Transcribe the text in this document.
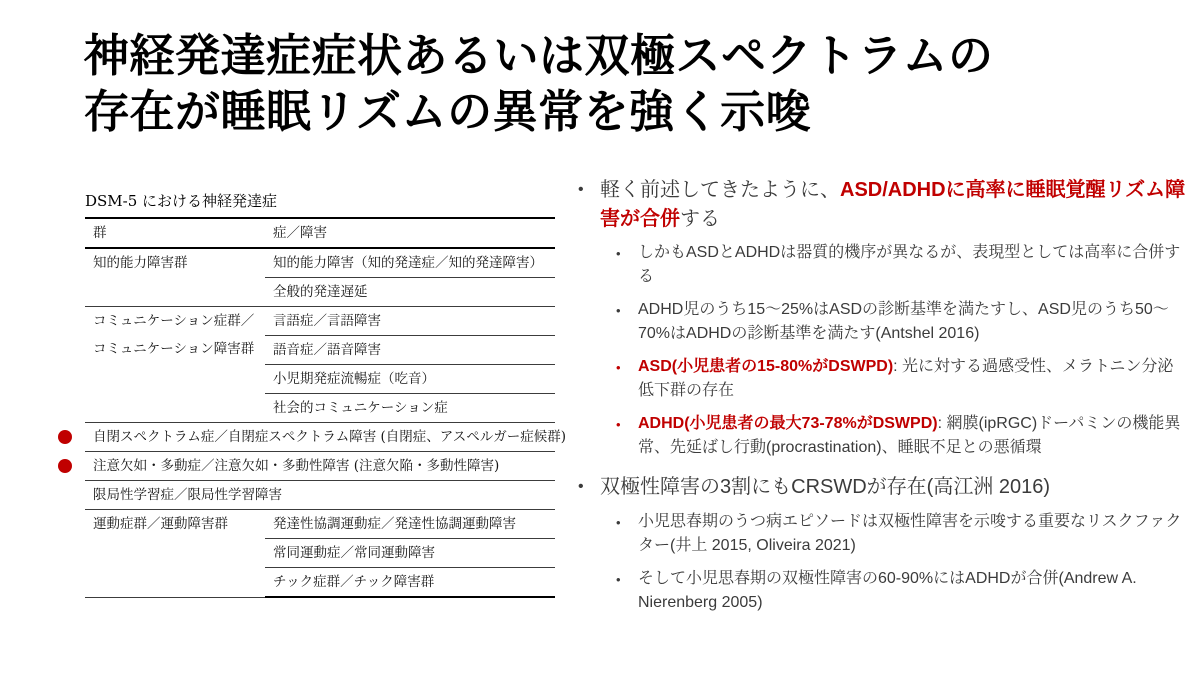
神経発達症症状あるいは双極スペクトラムの
存在が睡眠リズムの異常を強く示唆
DSM-5 における神経発達症
群	症／障害
知的能力障害群	知的能力障害（知的発達症／知的発達障害）
	全般的発達遅延
コミュニケーション症群／コミュニケーション障害群	言語症／言語障害
	語音症／語音障害
	小児期発症流暢症（吃音）
	社会的コミュニケーション症

自閉スペクトラム症／自閉症スペクトラム障害 (自閉症、アスペルガー症候群)	

注意欠如・多動症／注意欠如・多動性障害 (注意欠陥・多動性障害)	
限局性学習症／限局性学習障害	
運動症群／運動障害群	発達性協調運動症／発達性協調運動障害
	常同運動症／常同運動障害
	チック症群／チック障害群
• 軽く前述してきたように、ASD/ADHDに高率に睡眠覚醒リズム障害が合併する
•	しかもASDとADHDは器質的機序が異なるが、表現型としては高率に合併する
•	ADHD児のうち15〜25%はASDの診断基準を満たすし、ASD児のうち50〜70%はADHDの診断基準を満たす(Antshel 2016)
•	ASD(小児患者の15-80%がDSWPD): 光に対する過感受性、メラトニン分泌低下群の存在
•	ADHD(小児患者の最大73-78%がDSWPD): 網膜(ipRGC)ドーパミンの機能異常、先延ばし行動(procrastination)、睡眠不足との悪循環
• 双極性障害の3割にもCRSWDが存在(高江洲 2016)
•	小児思春期のうつ病エピソードは双極性障害を示唆する重要なリスクファクター(井上 2015, Oliveira 2021)
•	そして小児思春期の双極性障害の60-90%にはADHDが合併(Andrew A. Nierenberg 2005)
